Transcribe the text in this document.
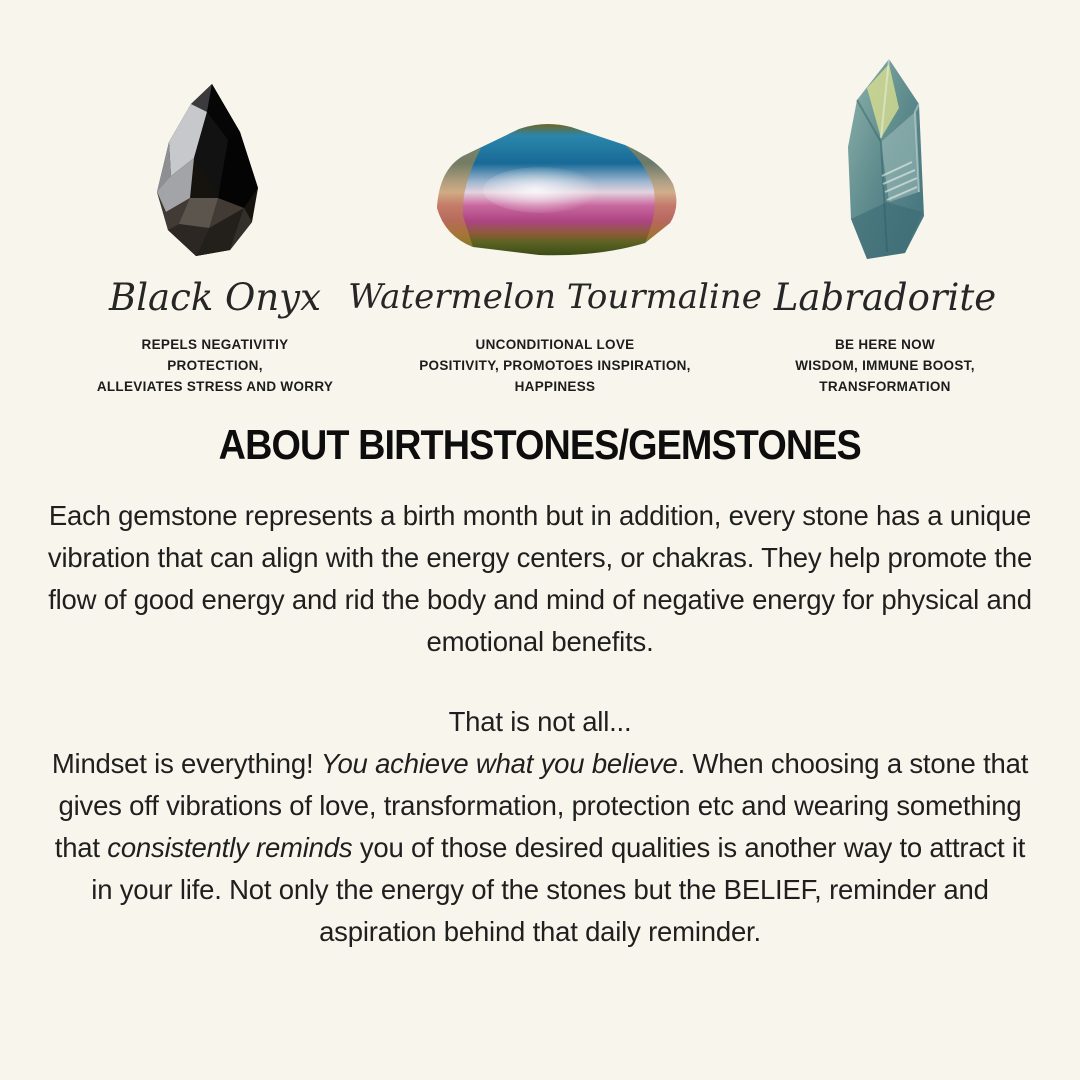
Black Onyx
REPELS NEGATIVITIY
PROTECTION,
ALLEVIATES STRESS AND WORRY
Watermelon Tourmaline
UNCONDITIONAL LOVE
POSITIVITY, PROMOTOES INSPIRATION,
HAPPINESS
Labradorite
BE HERE NOW
WISDOM, IMMUNE BOOST,
TRANSFORMATION
ABOUT BIRTHSTONES/GEMSTONES
Each gemstone represents a birth month but in addition, every stone has a unique vibration that can align with the energy centers, or chakras. They help promote the flow of good energy and rid the body and mind of negative energy for physical and emotional benefits.
That is not all...
Mindset is everything! You achieve what you believe. When choosing a stone that gives off vibrations of love, transformation, protection etc and wearing something that consistently reminds you of those desired qualities is another way to attract it in your life. Not only the energy of the stones but the BELIEF, reminder and aspiration behind that daily reminder.
